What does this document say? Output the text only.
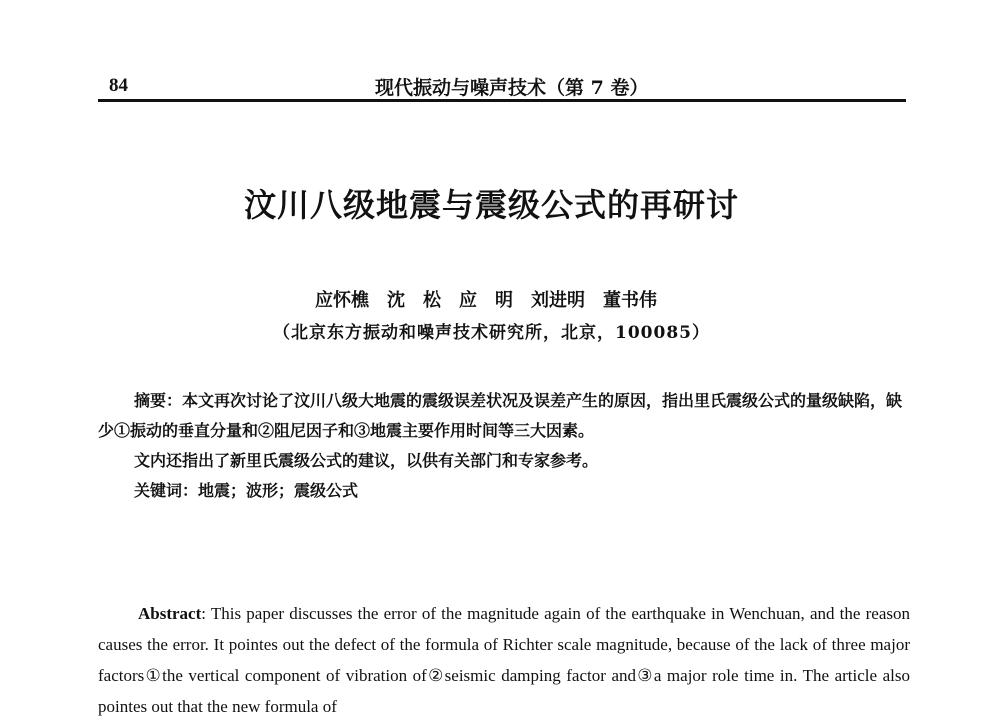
84	现代振动与噪声技术（第 7 卷）
汶川八级地震与震级公式的再研讨
应怀樵　沈　松　应　明　刘进明　董书伟
（北京东方振动和噪声技术研究所，北京，100085）

摘要：本文再次讨论了汶川八级大地震的震级误差状况及误差产生的原因，指出里氏震级公式的量级缺陷，缺少①振动的垂直分量和②阻尼因子和③地震主要作用时间等三大因素。

文内还指出了新里氏震级公式的建议，以供有关部门和专家参考。

关键词：地震；波形；震级公式

Abstract: This paper discusses the error of the magnitude again of the earthquake in Wenchuan, and the reason causes the error. It pointes out the defect of the formula of Richter scale magnitude, because of the lack of three major factors①the vertical component of vibration of②seismic damping factor and③a major role time in. The article also pointes out that the new formula of
